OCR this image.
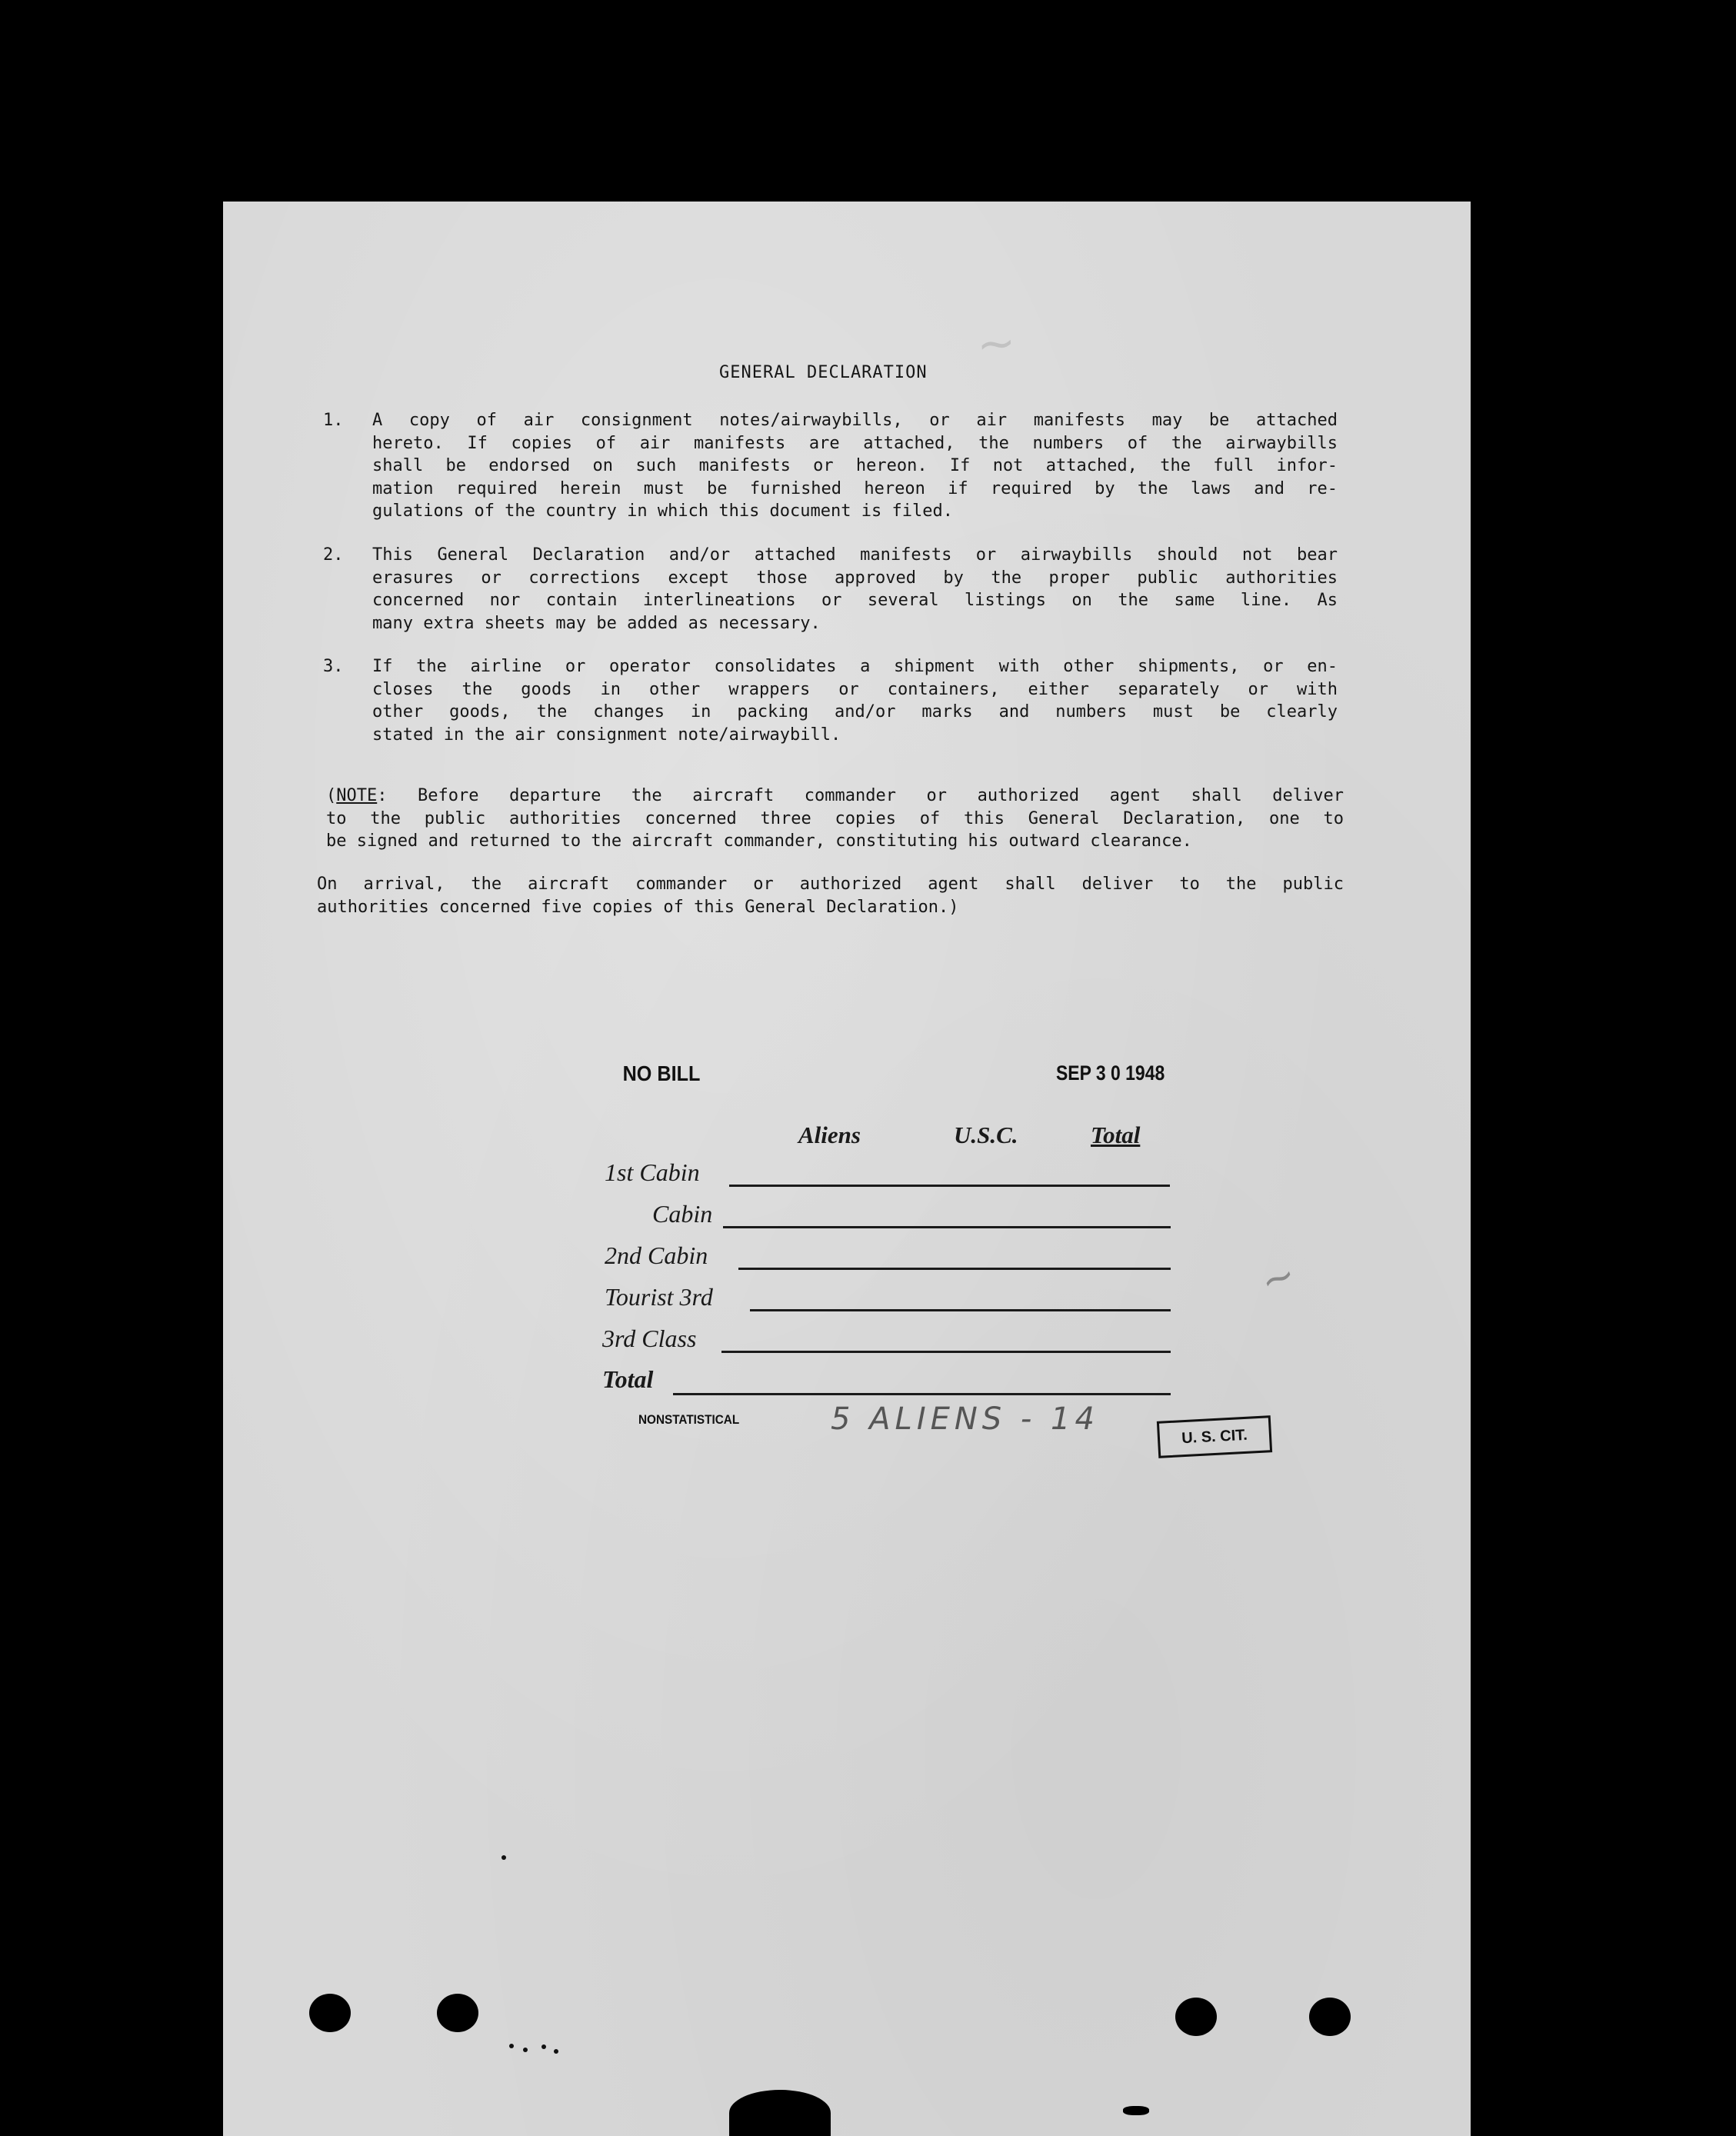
~
GENERAL DECLARATION
1. A copy of air consignment notes/airwaybills, or air manifests may be attached
hereto. If copies of air manifests are attached, the numbers of the airwaybills
shall be endorsed on such manifests or hereon. If not attached, the full infor-
mation required herein must be furnished hereon if required by the laws and re-
gulations of the country in which this document is filed.
2. This General Declaration and/or attached manifests or airwaybills should not bear
erasures or corrections except those approved by the proper public authorities
concerned nor contain interlineations or several listings on the same line. As
many extra sheets may be added as necessary.
3. If the airline or operator consolidates a shipment with other shipments, or en-
closes the goods in other wrappers or containers, either separately or with
other goods, the changes in packing and/or marks and numbers must be clearly
stated in the air consignment note/airwaybill.
(NOTE: Before departure the aircraft commander or authorized agent shall deliver
to the public authorities concerned three copies of this General Declaration, one to
be signed and returned to the aircraft commander, constituting his outward clearance.
On arrival, the aircraft commander or authorized agent shall deliver to the public
authorities concerned five copies of this General Declaration.)
NO BILL	SEP 3 0 1948
Aliens	U.S.C.	Total
1st Cabin
Cabin
2nd Cabin
Tourist 3rd
3rd Class
Total
NONSTATISTICAL	5 ALIENS - 14
U. S. CIT.
~
